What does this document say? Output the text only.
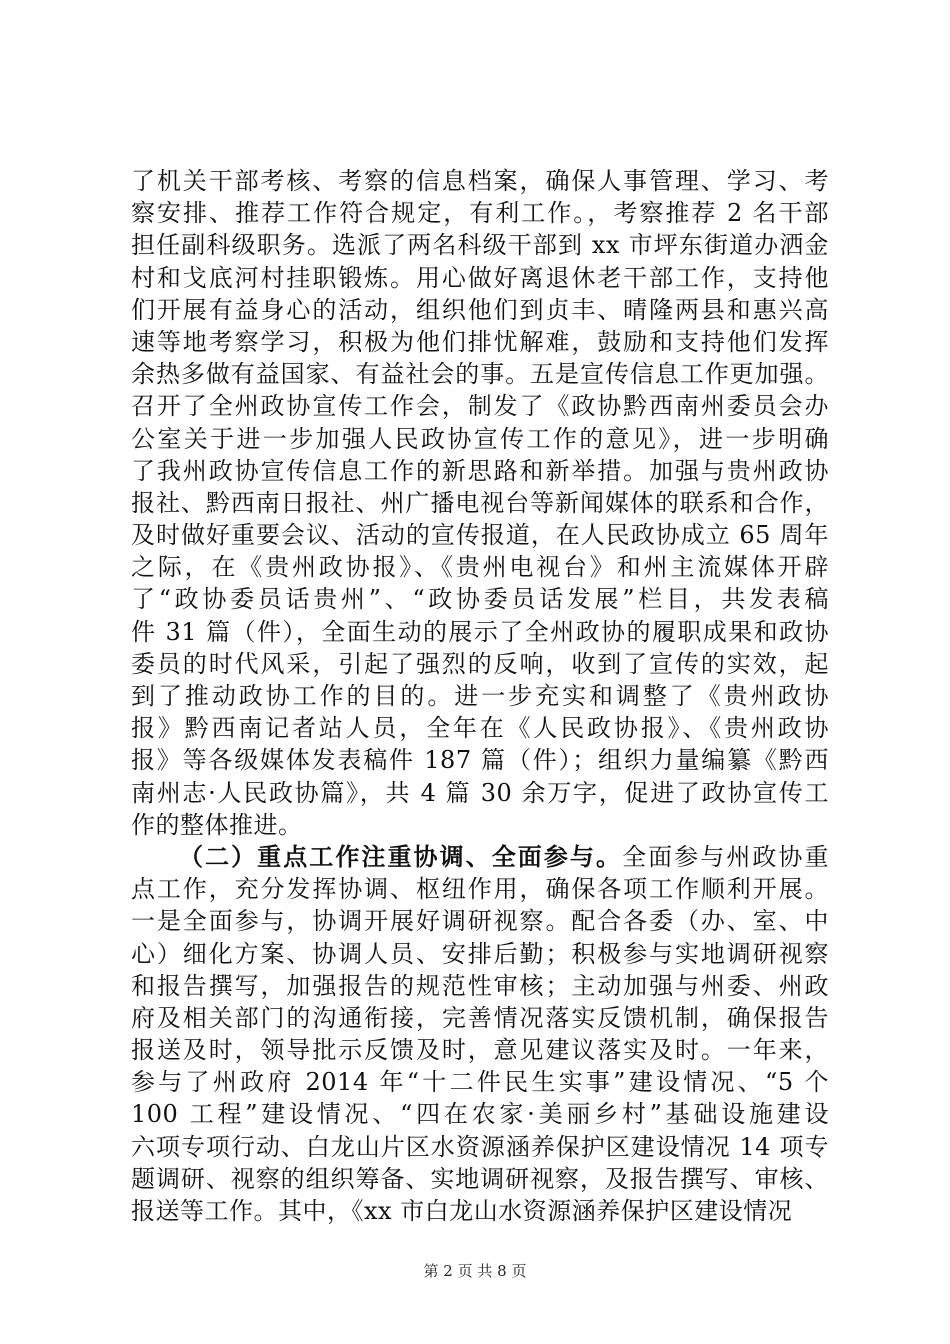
了机关干部考核、考察的信息档案，确保人事管理、学习、考
察安排、推荐工作符合规定，有利工作。，考察推荐 2 名干部
担任副科级职务。选派了两名科级干部到 xx 市坪东街道办洒金
村和戈底河村挂职锻炼。用心做好离退休老干部工作，支持他
们开展有益身心的活动，组织他们到贞丰、晴隆两县和惠兴高
速等地考察学习，积极为他们排忧解难，鼓励和支持他们发挥
余热多做有益国家、有益社会的事。五是宣传信息工作更加强。
召开了全州政协宣传工作会，制发了《政协黔西南州委员会办
公室关于进一步加强人民政协宣传工作的意见》，进一步明确
了我州政协宣传信息工作的新思路和新举措。加强与贵州政协
报社、黔西南日报社、州广播电视台等新闻媒体的联系和合作，
及时做好重要会议、活动的宣传报道，在人民政协成立 65 周年
之际，在《贵州政协报》、《贵州电视台》和州主流媒体开辟
了“政协委员话贵州”、“政协委员话发展”栏目，共发表稿
件 31 篇（件），全面生动的展示了全州政协的履职成果和政协
委员的时代风采，引起了强烈的反响，收到了宣传的实效，起
到了推动政协工作的目的。进一步充实和调整了《贵州政协
报》黔西南记者站人员，全年在《人民政协报》、《贵州政协
报》等各级媒体发表稿件 187 篇（件）；组织力量编纂《黔西
南州志·人民政协篇》，共 4 篇 30 余万字，促进了政协宣传工
作的整体推进。
（二）重点工作注重协调、全面参与。全面参与州政协重
点工作，充分发挥协调、枢纽作用，确保各项工作顺利开展。
一是全面参与，协调开展好调研视察。配合各委（办、室、中
心）细化方案、协调人员、安排后勤；积极参与实地调研视察
和报告撰写，加强报告的规范性审核；主动加强与州委、州政
府及相关部门的沟通衔接，完善情况落实反馈机制，确保报告
报送及时，领导批示反馈及时，意见建议落实及时。一年来，
参与了州政府 2014 年“十二件民生实事”建设情况、“5 个
100 工程”建设情况、“四在农家·美丽乡村”基础设施建设
六项专项行动、白龙山片区水资源涵养保护区建设情况 14 项专
题调研、视察的组织筹备、实地调研视察，及报告撰写、审核、
报送等工作。其中，《xx 市白龙山水资源涵养保护区建设情况
第 2 页 共 8 页
